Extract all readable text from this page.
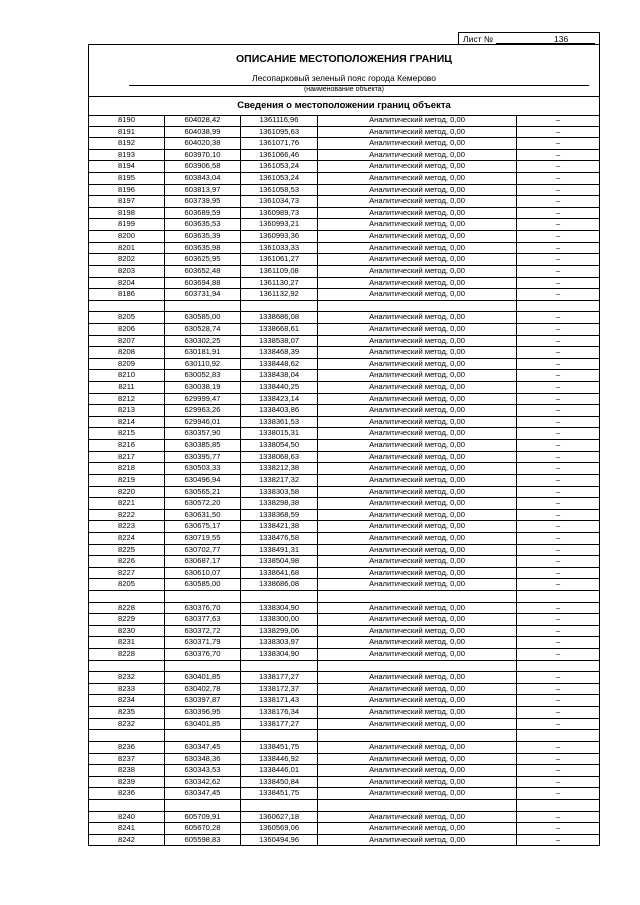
Лист №	136
ОПИСАНИЕ МЕСТОПОЛОЖЕНИЯ ГРАНИЦ
Лесопарковый зеленый пояс города Кемерово
(наименование объекта)
Сведения о местоположении границ объекта
8190	604028,42	1361116,96	Аналитический метод, 0,00	–
8191	604038,99	1361095,63	Аналитический метод, 0,00	–
8192	604020,38	1361071,76	Аналитический метод, 0,00	–
8193	603970,10	1361066,46	Аналитический метод, 0,00	–
8194	603906,58	1361053,24	Аналитический метод, 0,00	–
8195	603843,04	1361053,24	Аналитический метод, 0,00	–
8196	603813,97	1361058,53	Аналитический метод, 0,00	–
8197	603739,95	1361034,73	Аналитический метод, 0,00	–
8198	603689,59	1360989,73	Аналитический метод, 0,00	–
8199	603635,53	1360993,21	Аналитический метод, 0,00	–
8200	603635,39	1360993,36	Аналитический метод, 0,00	–
8201	603635,98	1361033,33	Аналитический метод, 0,00	–
8202	603625,95	1361061,27	Аналитический метод, 0,00	–
8203	603652,48	1361109,08	Аналитический метод, 0,00	–
8204	603694,88	1361130,27	Аналитический метод, 0,00	–
8186	603731,94	1361132,92	Аналитический метод, 0,00	–
8205	630585,00	1338686,08	Аналитический метод, 0,00	–
8206	630528,74	1338668,61	Аналитический метод, 0,00	–
8207	630302,25	1338538,07	Аналитический метод, 0,00	–
8208	630181,91	1338468,39	Аналитический метод, 0,00	–
8209	630110,92	1338448,62	Аналитический метод, 0,00	–
8210	630052,83	1338438,04	Аналитический метод, 0,00	–
8211	630038,19	1338440,25	Аналитический метод, 0,00	–
8212	629999,47	1338423,14	Аналитический метод, 0,00	–
8213	629963,26	1338403,86	Аналитический метод, 0,00	–
8214	629946,01	1338361,53	Аналитический метод, 0,00	–
8215	630357,90	1338015,31	Аналитический метод, 0,00	–
8216	630385,85	1338054,50	Аналитический метод, 0,00	–
8217	630395,77	1338068,63	Аналитический метод, 0,00	–
8218	630503,33	1338212,38	Аналитический метод, 0,00	–
8219	630496,94	1338217,32	Аналитический метод, 0,00	–
8220	630565,21	1338303,58	Аналитический метод, 0,00	–
8221	630572,20	1338298,38	Аналитический метод, 0,00	–
8222	630631,50	1338368,59	Аналитический метод, 0,00	–
8223	630675,17	1338421,38	Аналитический метод, 0,00	–
8224	630719,55	1338476,58	Аналитический метод, 0,00	–
8225	630702,77	1338491,31	Аналитический метод, 0,00	–
8226	630687,17	1338504,98	Аналитический метод, 0,00	–
8227	630610,07	1338641,68	Аналитический метод, 0,00	–
8205	630585,00	1338686,08	Аналитический метод, 0,00	–
8228	630376,70	1338304,90	Аналитический метод, 0,00	–
8229	630377,63	1338300,00	Аналитический метод, 0,00	–
8230	630372,72	1338299,06	Аналитический метод, 0,00	–
8231	630371,79	1338303,97	Аналитический метод, 0,00	–
8228	630376,70	1338304,90	Аналитический метод, 0,00	–
8232	630401,85	1338177,27	Аналитический метод, 0,00	–
8233	630402,78	1338172,37	Аналитический метод, 0,00	–
8234	630397,87	1338171,43	Аналитический метод, 0,00	–
8235	630396,95	1338176,34	Аналитический метод, 0,00	–
8232	630401,85	1338177,27	Аналитический метод, 0,00	–
8236	630347,45	1338451,75	Аналитический метод, 0,00	–
8237	630348,36	1338446,92	Аналитический метод, 0,00	–
8238	630343,53	1338446,01	Аналитический метод, 0,00	–
8239	630342,62	1338450,84	Аналитический метод, 0,00	–
8236	630347,45	1338451,75	Аналитический метод, 0,00	–
8240	605709,91	1360627,18	Аналитический метод, 0,00	–
8241	605670,28	1360569,06	Аналитический метод, 0,00	–
8242	605598,83	1360494,96	Аналитический метод, 0,00	–
